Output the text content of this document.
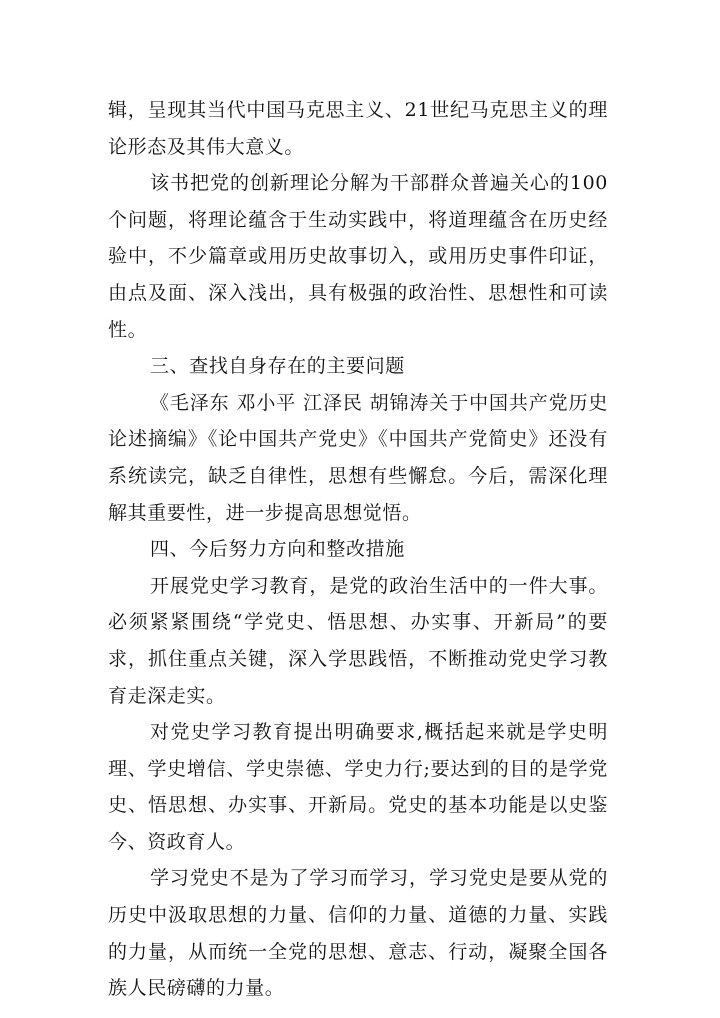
辑，呈现其当代中国马克思主义、21世纪马克思主义的理论形态及其伟大意义。

该书把党的创新理论分解为干部群众普遍关心的100个问题，将理论蕴含于生动实践中，将道理蕴含在历史经验中，不少篇章或用历史故事切入，或用历史事件印证，由点及面、深入浅出，具有极强的政治性、思想性和可读性。

三、查找自身存在的主要问题

《毛泽东 邓小平 江泽民 胡锦涛关于中国共产党历史论述摘编》《论中国共产党史》《中国共产党简史》还没有系统读完，缺乏自律性，思想有些懈怠。今后，需深化理解其重要性，进一步提高思想觉悟。

四、今后努力方向和整改措施

开展党史学习教育，是党的政治生活中的一件大事。必须紧紧围绕“学党史、悟思想、办实事、开新局”的要求，抓住重点关键，深入学思践悟，不断推动党史学习教育走深走实。

对党史学习教育提出明确要求,概括起来就是学史明理、学史增信、学史崇德、学史力行;要达到的目的是学党史、悟思想、办实事、开新局。党史的基本功能是以史鉴今、资政育人。

学习党史不是为了学习而学习，学习党史是要从党的历史中汲取思想的力量、信仰的力量、道德的力量、实践的力量，从而统一全党的思想、意志、行动，凝聚全国各族人民磅礴的力量。
